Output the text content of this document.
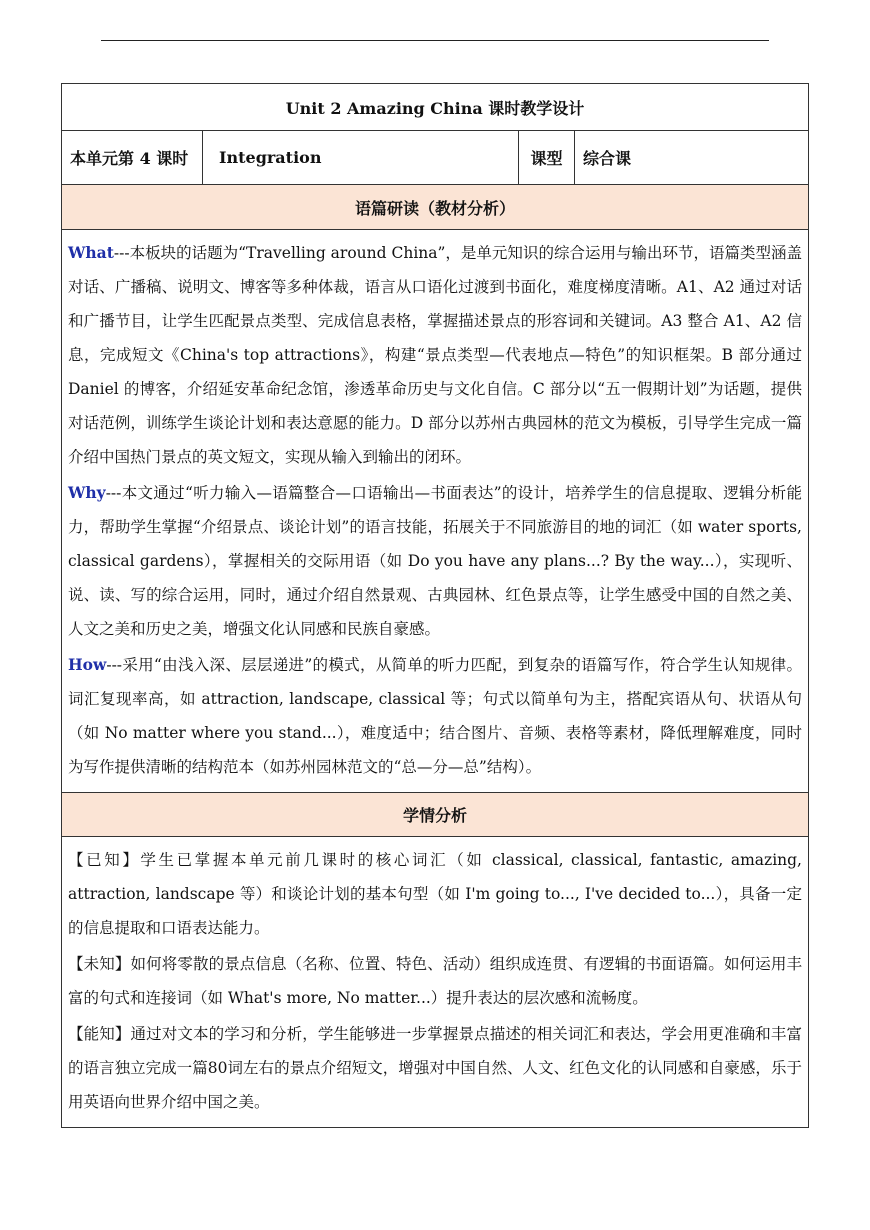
Unit 2 Amazing China 课时教学设计
本单元第 4 课时	Integration	课型	综合课
语篇研读（教材分析）

What---本板块的话题为“Travelling around China”，是单元知识的综合运用与输出环节，语篇类型涵盖对话、广播稿、说明文、博客等多种体裁，语言从口语化过渡到书面化，难度梯度清晰。A1、A2 通过对话和广播节目，让学生匹配景点类型、完成信息表格，掌握描述景点的形容词和关键词。A3 整合 A1、A2 信息，完成短文《China's top attractions》，构建“景点类型—代表地点—特色”的知识框架。B 部分通过 Daniel 的博客，介绍延安革命纪念馆，渗透革命历史与文化自信。C 部分以“五一假期计划”为话题，提供对话范例，训练学生谈论计划和表达意愿的能力。D 部分以苏州古典园林的范文为模板，引导学生完成一篇介绍中国热门景点的英文短文，实现从输入到输出的闭环。

Why---本文通过“听力输入—语篇整合—口语输出—书面表达”的设计，培养学生的信息提取、逻辑分析能力，帮助学生掌握“介绍景点、谈论计划”的语言技能，拓展关于不同旅游目的地的词汇（如 water sports, classical gardens），掌握相关的交际用语（如 Do you have any plans...? By the way...），实现听、说、读、写的综合运用，同时，通过介绍自然景观、古典园林、红色景点等，让学生感受中国的自然之美、人文之美和历史之美，增强文化认同感和民族自豪感。

How---采用“由浅入深、层层递进”的模式，从简单的听力匹配，到复杂的语篇写作，符合学生认知规律。词汇复现率高，如 attraction, landscape, classical 等；句式以简单句为主，搭配宾语从句、状语从句（如 No matter where you stand...），难度适中；结合图片、音频、表格等素材，降低理解难度，同时为写作提供清晰的结构范本（如苏州园林范文的“总—分—总”结构）。

学情分析

【已知】学生已掌握本单元前几课时的核心词汇（如 classical, classical, fantastic, amazing, attraction, landscape 等）和谈论计划的基本句型（如 I'm going to..., I've decided to...），具备一定的信息提取和口语表达能力。

【未知】如何将零散的景点信息（名称、位置、特色、活动）组织成连贯、有逻辑的书面语篇。如何运用丰富的句式和连接词（如 What's more, No matter...）提升表达的层次感和流畅度。

【能知】通过对文本的学习和分析，学生能够进一步掌握景点描述的相关词汇和表达，学会用更准确和丰富的语言独立完成一篇80词左右的景点介绍短文，增强对中国自然、人文、红色文化的认同感和自豪感，乐于用英语向世界介绍中国之美。
